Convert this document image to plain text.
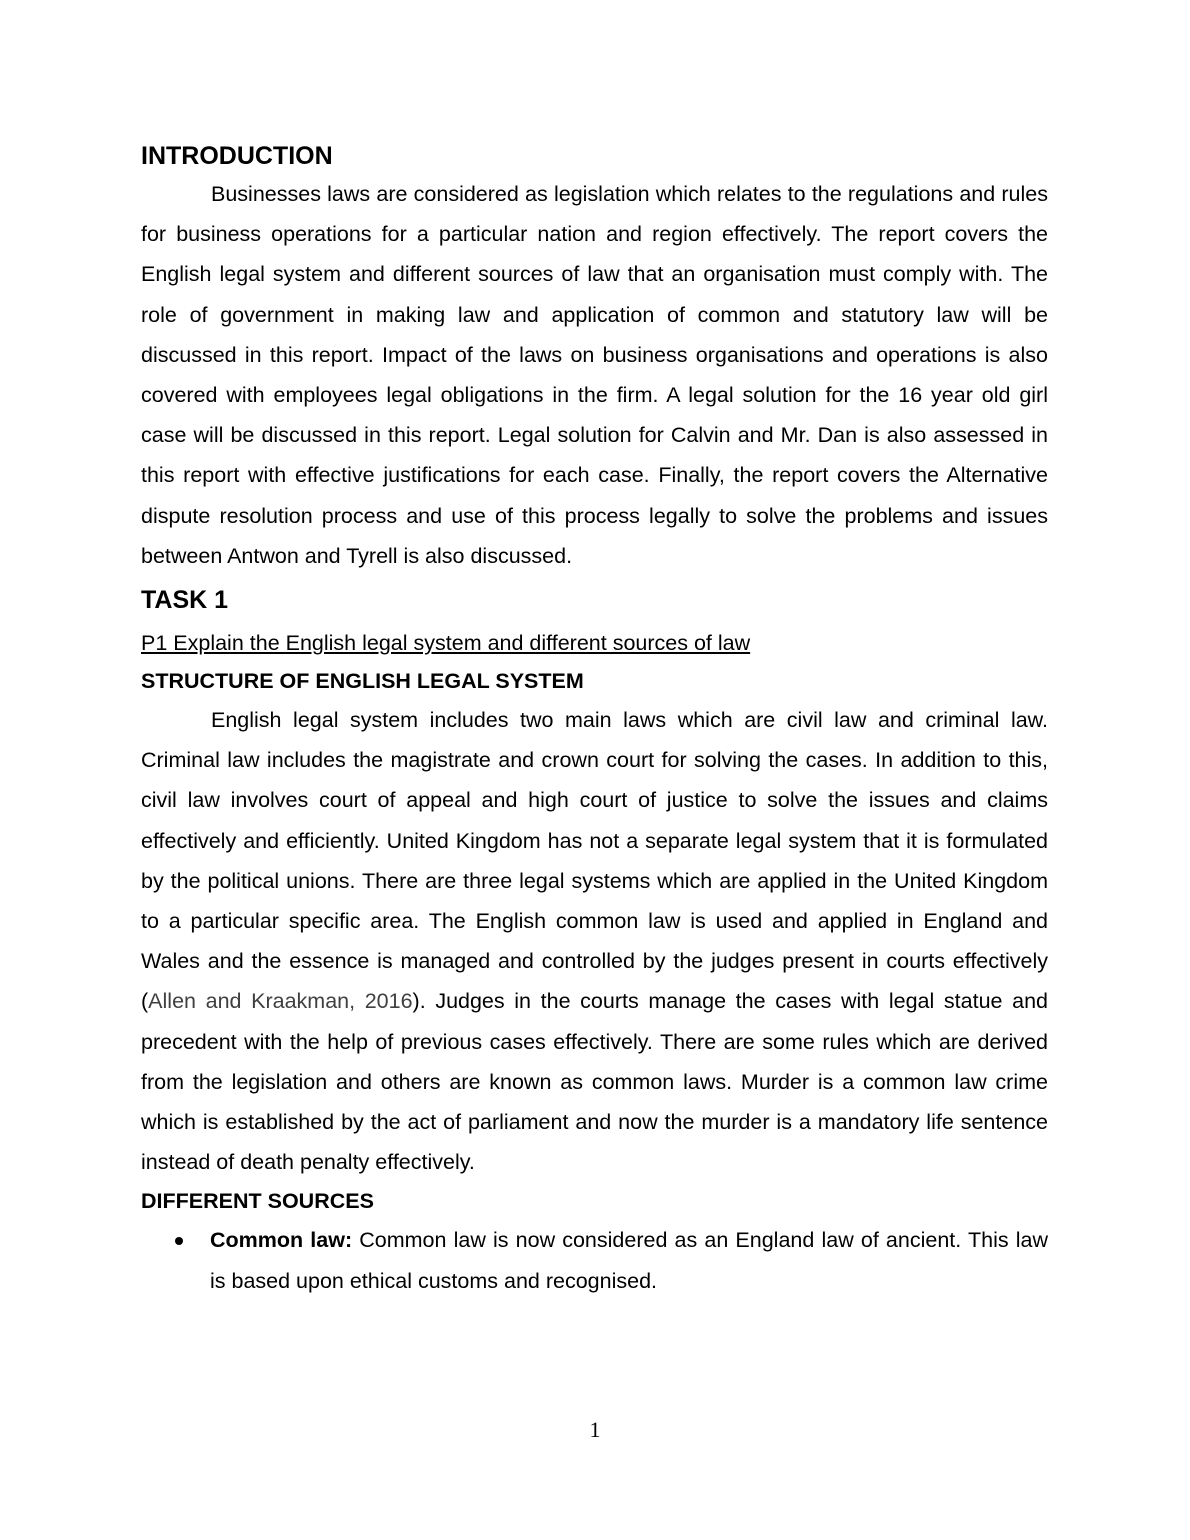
INTRODUCTION

Businesses laws are considered as legislation which relates to the regulations and rules for business operations for a particular nation and region effectively. The report covers the English legal system and different sources of law that an organisation must comply with. The role of government in making law and application of common and statutory law will be discussed in this report. Impact of the laws on business organisations and operations is also covered with employees legal obligations in the firm. A legal solution for the 16 year old girl case will be discussed in this report. Legal solution for Calvin and Mr. Dan is also assessed in this report with effective justifications for each case. Finally, the report covers the Alternative dispute resolution process and use of this process legally to solve the problems and issues between Antwon and Tyrell is also discussed.

TASK 1

P1 Explain the English legal system and different sources of law

STRUCTURE OF ENGLISH LEGAL SYSTEM

English legal system includes two main laws which are civil law and criminal law. Criminal law includes the magistrate and crown court for solving the cases. In addition to this, civil law involves court of appeal and high court of justice to solve the issues and claims effectively and efficiently. United Kingdom has not a separate legal system that it is formulated by the political unions. There are three legal systems which are applied in the United Kingdom to a particular specific area. The English common law is used and applied in England and Wales and the essence is managed and controlled by the judges present in courts effectively (Allen and Kraakman, 2016). Judges in the courts manage the cases with legal statue and precedent with the help of previous cases effectively. There are some rules which are derived from the legislation and others are known as common laws. Murder is a common law crime which is established by the act of parliament and now the murder is a mandatory life sentence instead of death penalty effectively.

DIFFERENT SOURCES

Common law: Common law is now considered as an England law of ancient. This law is based upon ethical customs and recognised.
1
